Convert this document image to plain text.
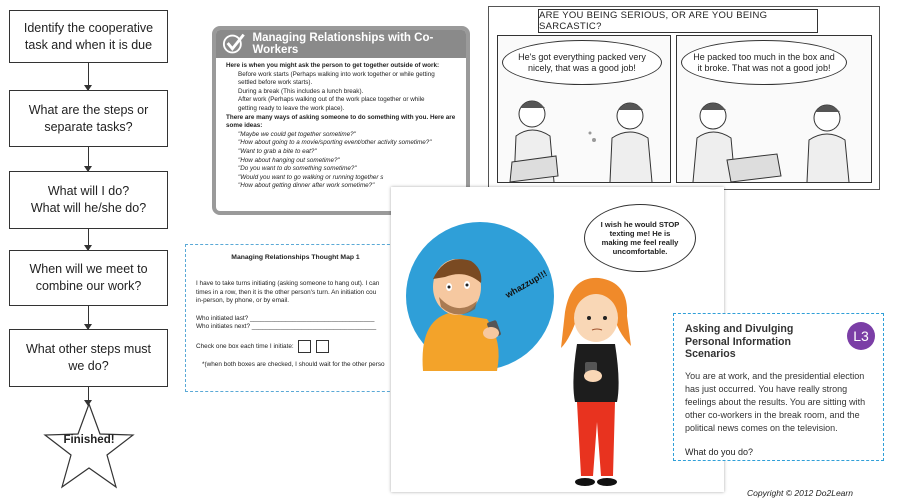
Identify the cooperative
task and when it is due
What are the steps or
separate tasks?
What will I do?
What will he/she do?
When will we meet to
combine our work?
What other steps must
we do?
Finished!
Managing Relationships with Co-Workers
Here is when you might ask the person to get together outside of work:
Before work starts (Perhaps walking into work together or while getting
settled before work starts).
During a break (This includes a lunch break).
After work (Perhaps walking out of the work place together or while
getting ready to leave the work place).
There are many ways of asking someone to do something with you. Here are
some ideas:
"Maybe we could get together sometime?"
"How about going to a movie/sporting event/other activity sometime?"
"Want to grab a bite to eat?"
"How about hanging out sometime?"
"Do you want to do something sometime?"
"Would you want to go walking or running together s
"How about getting dinner after work sometime?"
Managing Relationships Thought Map 1
I have to take turns initiating (asking someone to hang out). I can
times in a row, then it is the other person's turn. An initiation cou
in-person, by phone, or by email.
Who initiated last? ___________________________________
Who initiates next? ___________________________________
Check one box each time I initiate:
*(when both boxes are checked, I should wait for the other perso
ARE YOU BEING SERIOUS, OR ARE YOU BEING SARCASTIC?
He's got everything packed very
nicely, that was a good job!
He packed too much in the box and
it broke. That was not a good job!
whazzup!!!
I wish he would STOP
texting me! He is
making me feel really
uncomfortable.
L3
Asking and Divulging Personal Information Scenarios
You are at work, and the presidential election has just occurred. You have really strong feelings about the results. You are sitting with other co-workers in the break room, and the political news comes on the television.
What do you do?
Copyright © 2012 Do2Learn
